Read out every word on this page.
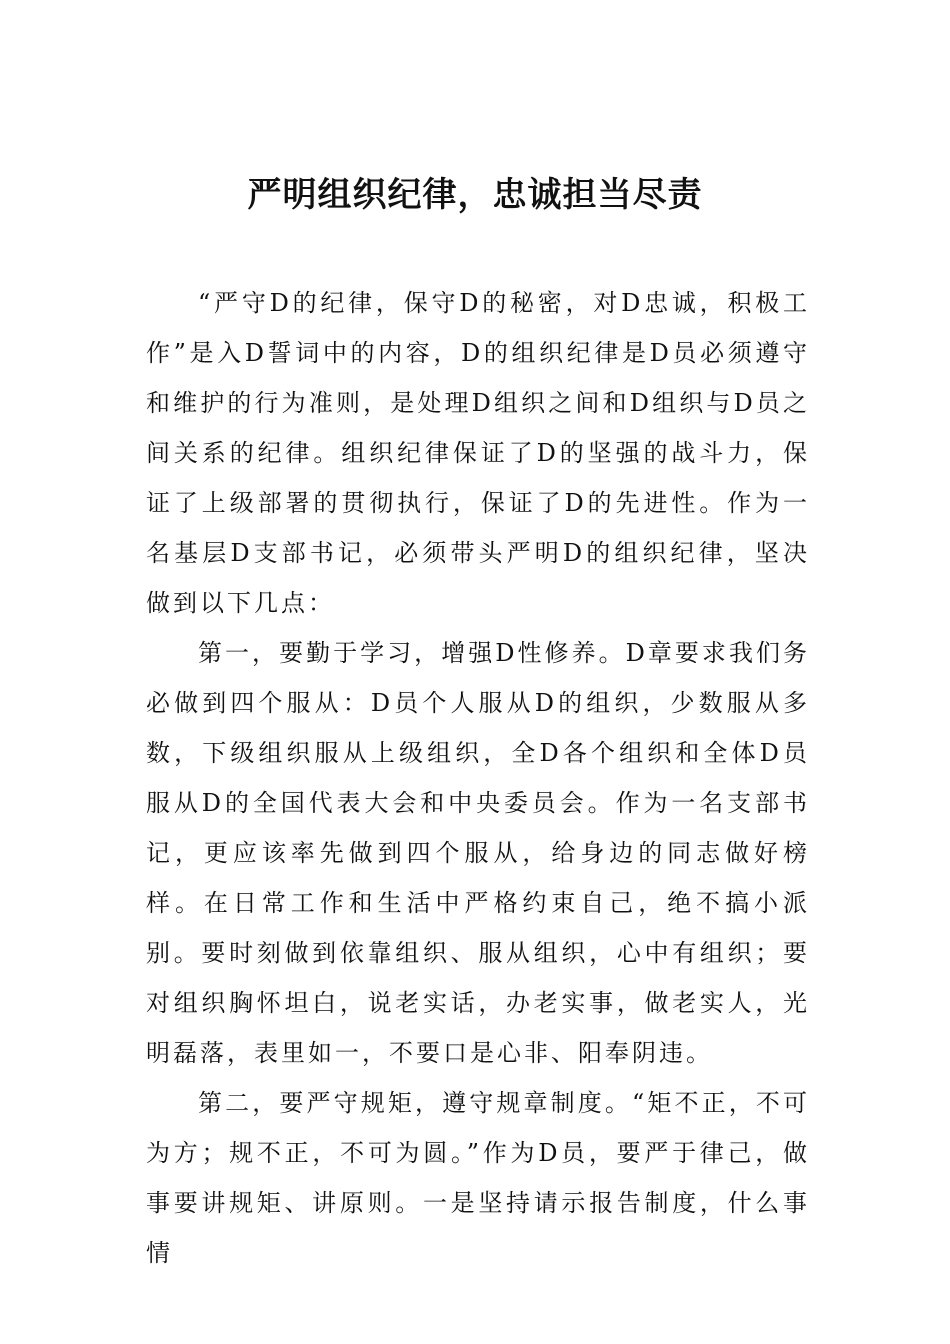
严明组织纪律，忠诚担当尽责

“严守D的纪律，保守D的秘密，对D忠诚，积极工作”是入D誓词中的内容，D的组织纪律是D员必须遵守和维护的行为准则，是处理D组织之间和D组织与D员之间关系的纪律。组织纪律保证了D的坚强的战斗力，保证了上级部署的贯彻执行，保证了D的先进性。作为一名基层D支部书记，必须带头严明D的组织纪律，坚决做到以下几点：

第一，要勤于学习，增强D性修养。D章要求我们务必做到四个服从：D员个人服从D的组织，少数服从多数，下级组织服从上级组织，全D各个组织和全体D员服从D的全国代表大会和中央委员会。作为一名支部书记，更应该率先做到四个服从，给身边的同志做好榜样。在日常工作和生活中严格约束自己，绝不搞小派别。要时刻做到依靠组织、服从组织，心中有组织；要对组织胸怀坦白，说老实话，办老实事，做老实人，光明磊落，表里如一，不要口是心非、阳奉阴违。

第二，要严守规矩，遵守规章制度。“矩不正，不可为方；规不正，不可为圆。”作为D员，要严于律己，做事要讲规矩、讲原则。一是坚持请示报告制度，什么事情
